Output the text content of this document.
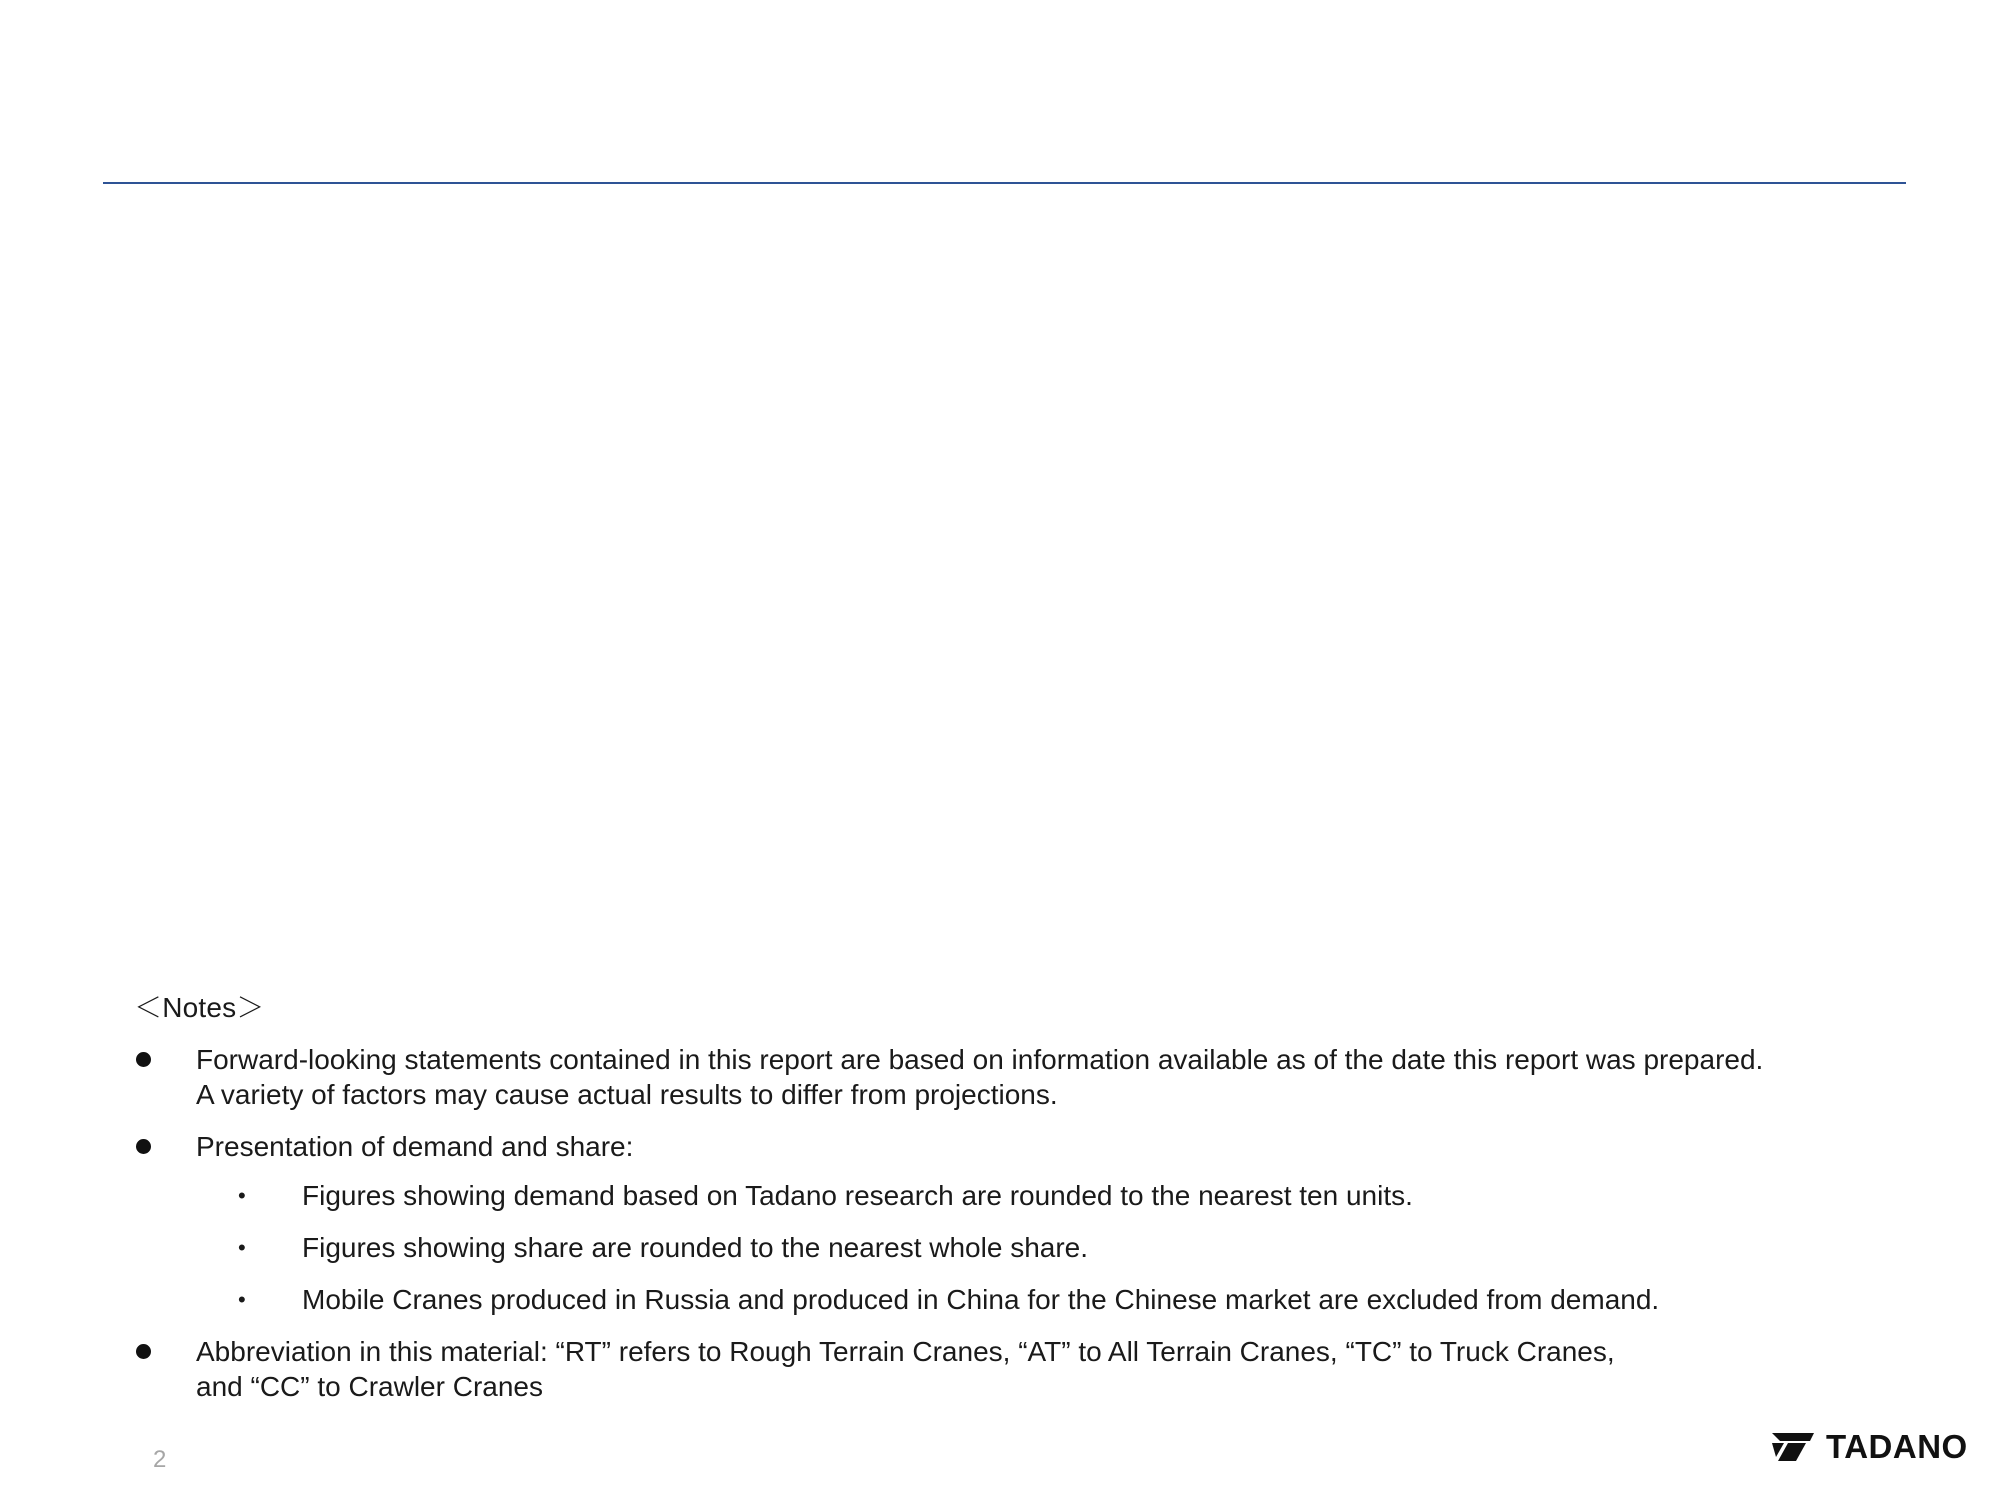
＜Notes＞
Forward-looking statements contained in this report are based on information available as of the date this report was prepared.
A variety of factors may cause actual results to differ from projections.
Presentation of demand and share:
• Figures showing demand based on Tadano research are rounded to the nearest ten units.
• Figures showing share are rounded to the nearest whole share.
• Mobile Cranes produced in Russia and produced in China for the Chinese market are excluded from demand.
Abbreviation in this material: “RT” refers to Rough Terrain Cranes, “AT” to All Terrain Cranes, “TC” to Truck Cranes,
and “CC” to Crawler Cranes
2	TADANO
